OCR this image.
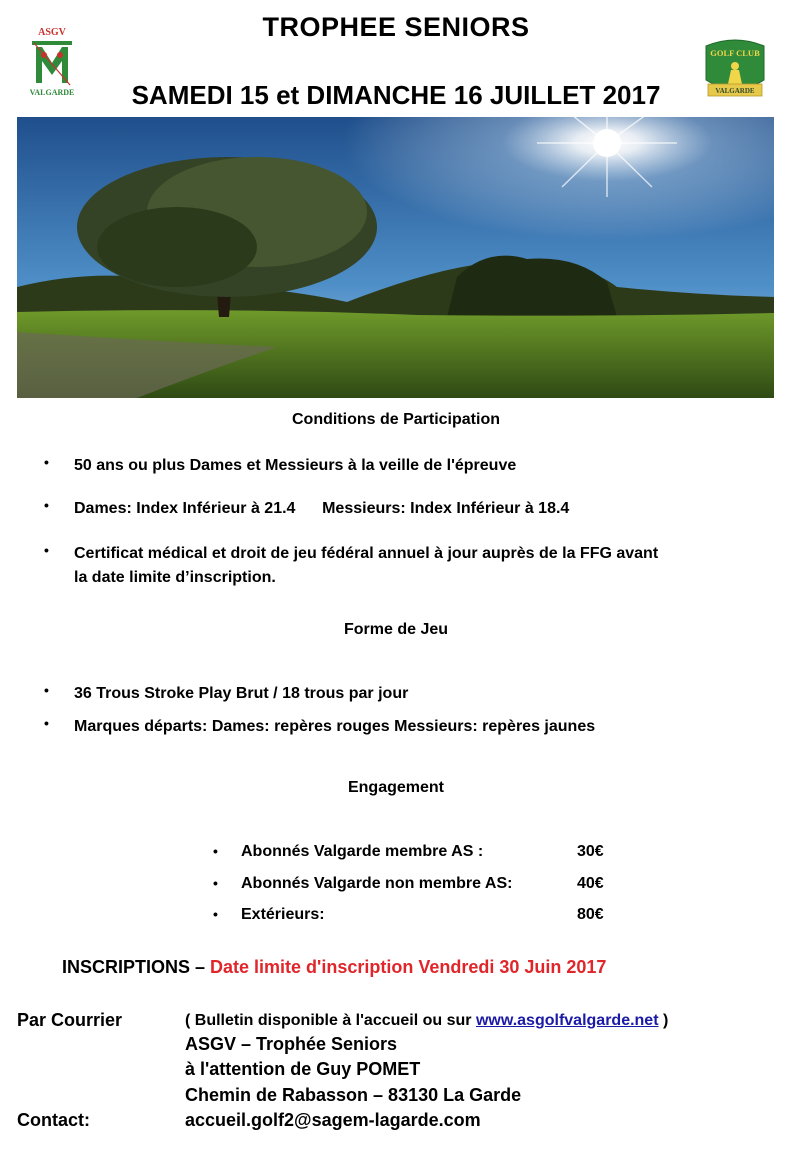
ASGV
VALGARDE
TROPHEE SENIORS
SAMEDI 15 et DIMANCHE 16 JUILLET 2017
GOLF CLUB
VALGARDE
Conditions de Participation
• 50 ans ou plus Dames et Messieurs à la veille de l'épreuve
• Dames: Index Inférieur à 21.4      Messieurs: Index Inférieur à 18.4
• Certificat médical et droit de jeu fédéral annuel à jour auprès de la FFG avant
la date limite d’inscription.
Forme de Jeu
• 36 Trous Stroke Play Brut / 18 trous par jour
• Marques départs: Dames: repères rouges Messieurs: repères jaunes
Engagement
• Abonnés Valgarde membre AS :	30€
• Abonnés Valgarde non membre AS:	40€
• Extérieurs:	80€
INSCRIPTIONS – Date limite d'inscription Vendredi 30 Juin 2017
Par Courrier	( Bulletin disponible à l'accueil ou sur www.asgolfvalgarde.net )
ASGV – Trophée Seniors
à l'attention de Guy POMET
Chemin de Rabasson – 83130 La Garde
Contact:	accueil.golf2@sagem-lagarde.com
